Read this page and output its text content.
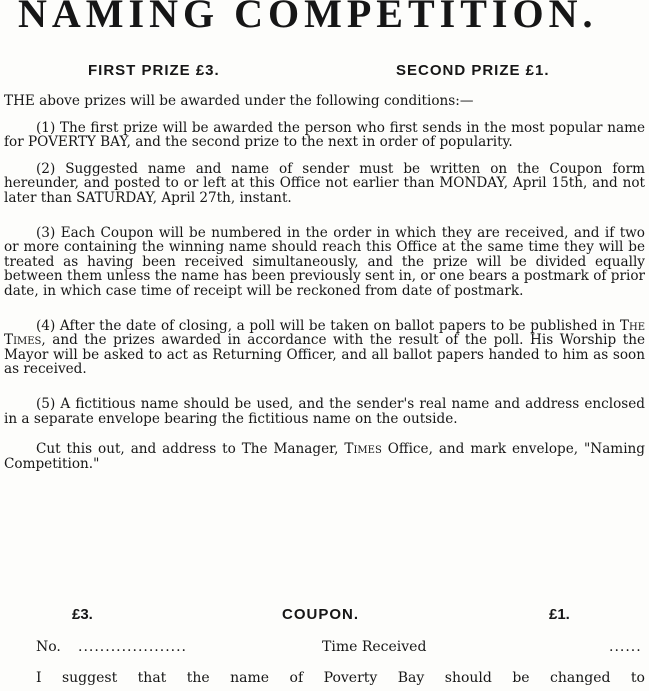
NAMING COMPETITION.
FIRST PRIZE £3.	SECOND PRIZE £1.

THE above prizes will be awarded under the following conditions:—

(1) The first prize will be awarded the person who first sends in the most popular name for POVERTY BAY, and the second prize to the next in order of popularity.

(2) Suggested name and name of sender must be written on the Coupon form hereunder, and posted to or left at this Office not earlier than MONDAY, April 15th, and not later than SATURDAY, April 27th, instant.

(3) Each Coupon will be numbered in the order in which they are received, and if two or more containing the winning name should reach this Office at the same time they will be treated as having been received simultaneously, and the prize will be divided equally between them unless the name has been previously sent in, or one bears a postmark of prior date, in which case time of receipt will be reckoned from date of postmark.

(4) After the date of closing, a poll will be taken on ballot papers to be published in The Times, and the prizes awarded in accordance with the result of the poll. His Worship the Mayor will be asked to act as Returning Officer, and all ballot papers handed to him as soon as received.

(5) A fictitious name should be used, and the sender's real name and address enclosed in a separate envelope bearing the fictitious name on the outside.

Cut this out, and address to The Manager, Times Office, and mark envelope, "Naming Competition."

£3.	COUPON.	£1.
No. ....................	Time Received	......
I suggest that the name of Poverty Bay should be changed to
